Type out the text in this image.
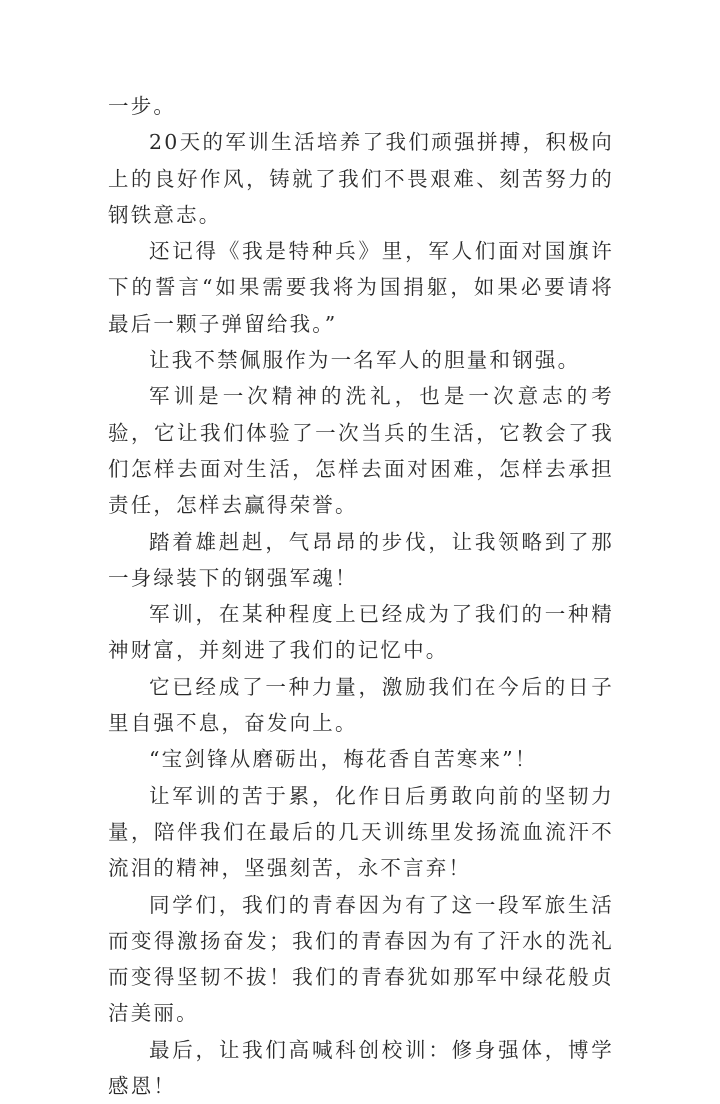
一步。

20天的军训生活培养了我们顽强拼搏，积极向上的良好作风，铸就了我们不畏艰难、刻苦努力的钢铁意志。

还记得《我是特种兵》里，军人们面对国旗许下的誓言“如果需要我将为国捐躯，如果必要请将最后一颗子弹留给我。”

让我不禁佩服作为一名军人的胆量和钢强。

军训是一次精神的洗礼，也是一次意志的考验，它让我们体验了一次当兵的生活，它教会了我们怎样去面对生活，怎样去面对困难，怎样去承担责任，怎样去赢得荣誉。

踏着雄赳赳，气昂昂的步伐，让我领略到了那一身绿装下的钢强军魂！

军训，在某种程度上已经成为了我们的一种精神财富，并刻进了我们的记忆中。

它已经成了一种力量，激励我们在今后的日子里自强不息，奋发向上。

“宝剑锋从磨砺出，梅花香自苦寒来”！

让军训的苦于累，化作日后勇敢向前的坚韧力量，陪伴我们在最后的几天训练里发扬流血流汗不流泪的精神，坚强刻苦，永不言弃！

同学们，我们的青春因为有了这一段军旅生活而变得激扬奋发；我们的青春因为有了汗水的洗礼而变得坚韧不拔！我们的青春犹如那军中绿花般贞洁美丽。

最后，让我们高喊科创校训：修身强体，博学感恩！
